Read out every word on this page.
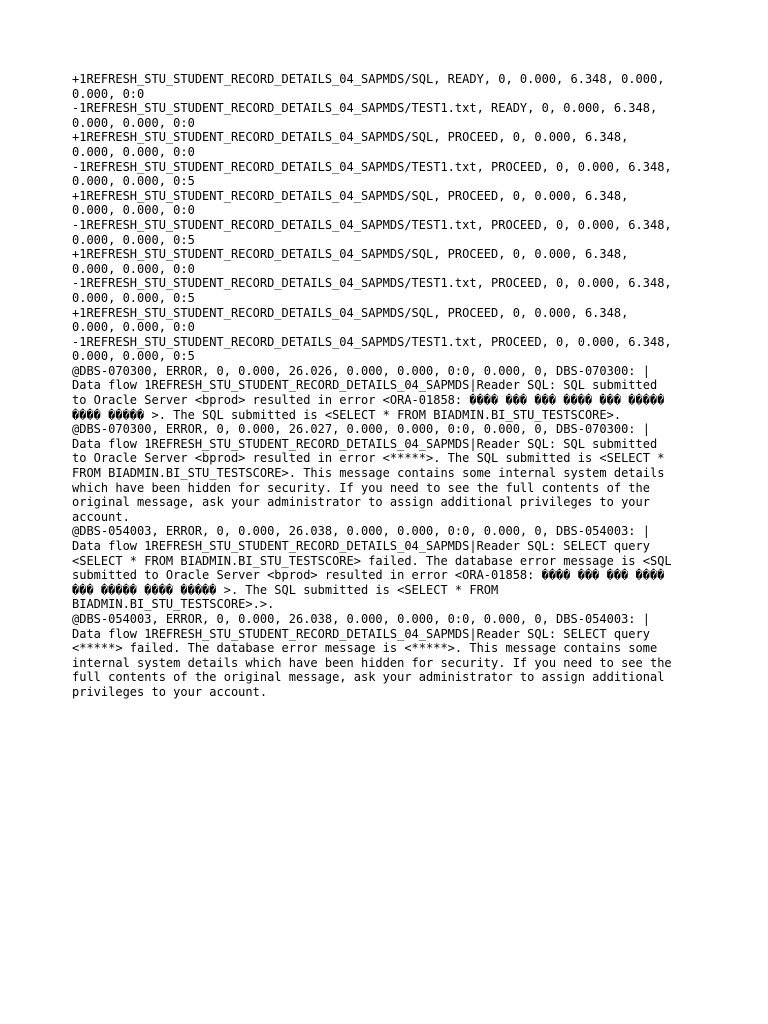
+1REFRESH_STU_STUDENT_RECORD_DETAILS_04_SAPMDS/SQL, READY, 0, 0.000, 6.348, 0.000,
0.000, 0:0
-1REFRESH_STU_STUDENT_RECORD_DETAILS_04_SAPMDS/TEST1.txt, READY, 0, 0.000, 6.348,
0.000, 0.000, 0:0
+1REFRESH_STU_STUDENT_RECORD_DETAILS_04_SAPMDS/SQL, PROCEED, 0, 0.000, 6.348,
0.000, 0.000, 0:0
-1REFRESH_STU_STUDENT_RECORD_DETAILS_04_SAPMDS/TEST1.txt, PROCEED, 0, 0.000, 6.348,
0.000, 0.000, 0:5
+1REFRESH_STU_STUDENT_RECORD_DETAILS_04_SAPMDS/SQL, PROCEED, 0, 0.000, 6.348,
0.000, 0.000, 0:0
-1REFRESH_STU_STUDENT_RECORD_DETAILS_04_SAPMDS/TEST1.txt, PROCEED, 0, 0.000, 6.348,
0.000, 0.000, 0:5
+1REFRESH_STU_STUDENT_RECORD_DETAILS_04_SAPMDS/SQL, PROCEED, 0, 0.000, 6.348,
0.000, 0.000, 0:0
-1REFRESH_STU_STUDENT_RECORD_DETAILS_04_SAPMDS/TEST1.txt, PROCEED, 0, 0.000, 6.348,
0.000, 0.000, 0:5
+1REFRESH_STU_STUDENT_RECORD_DETAILS_04_SAPMDS/SQL, PROCEED, 0, 0.000, 6.348,
0.000, 0.000, 0:0
-1REFRESH_STU_STUDENT_RECORD_DETAILS_04_SAPMDS/TEST1.txt, PROCEED, 0, 0.000, 6.348,
0.000, 0.000, 0:5
@DBS-070300, ERROR, 0, 0.000, 26.026, 0.000, 0.000, 0:0, 0.000, 0, DBS-070300: |
Data flow 1REFRESH_STU_STUDENT_RECORD_DETAILS_04_SAPMDS|Reader SQL: SQL submitted
to Oracle Server <bprod> resulted in error <ORA-01858: ���� ��� ��� ���� ��� �����
���� ����� >. The SQL submitted is <SELECT * FROM BIADMIN.BI_STU_TESTSCORE>.
@DBS-070300, ERROR, 0, 0.000, 26.027, 0.000, 0.000, 0:0, 0.000, 0, DBS-070300: |
Data flow 1REFRESH_STU_STUDENT_RECORD_DETAILS_04_SAPMDS|Reader SQL: SQL submitted
to Oracle Server <bprod> resulted in error <*****>. The SQL submitted is <SELECT *
FROM BIADMIN.BI_STU_TESTSCORE>. This message contains some internal system details
which have been hidden for security. If you need to see the full contents of the
original message, ask your administrator to assign additional privileges to your
account.
@DBS-054003, ERROR, 0, 0.000, 26.038, 0.000, 0.000, 0:0, 0.000, 0, DBS-054003: |
Data flow 1REFRESH_STU_STUDENT_RECORD_DETAILS_04_SAPMDS|Reader SQL: SELECT query
<SELECT * FROM BIADMIN.BI_STU_TESTSCORE> failed. The database error message is <SQL
submitted to Oracle Server <bprod> resulted in error <ORA-01858: ���� ��� ��� ����
��� ����� ���� ����� >. The SQL submitted is <SELECT * FROM
BIADMIN.BI_STU_TESTSCORE>.>.
@DBS-054003, ERROR, 0, 0.000, 26.038, 0.000, 0.000, 0:0, 0.000, 0, DBS-054003: |
Data flow 1REFRESH_STU_STUDENT_RECORD_DETAILS_04_SAPMDS|Reader SQL: SELECT query
<*****> failed. The database error message is <*****>. This message contains some
internal system details which have been hidden for security. If you need to see the
full contents of the original message, ask your administrator to assign additional
privileges to your account.
